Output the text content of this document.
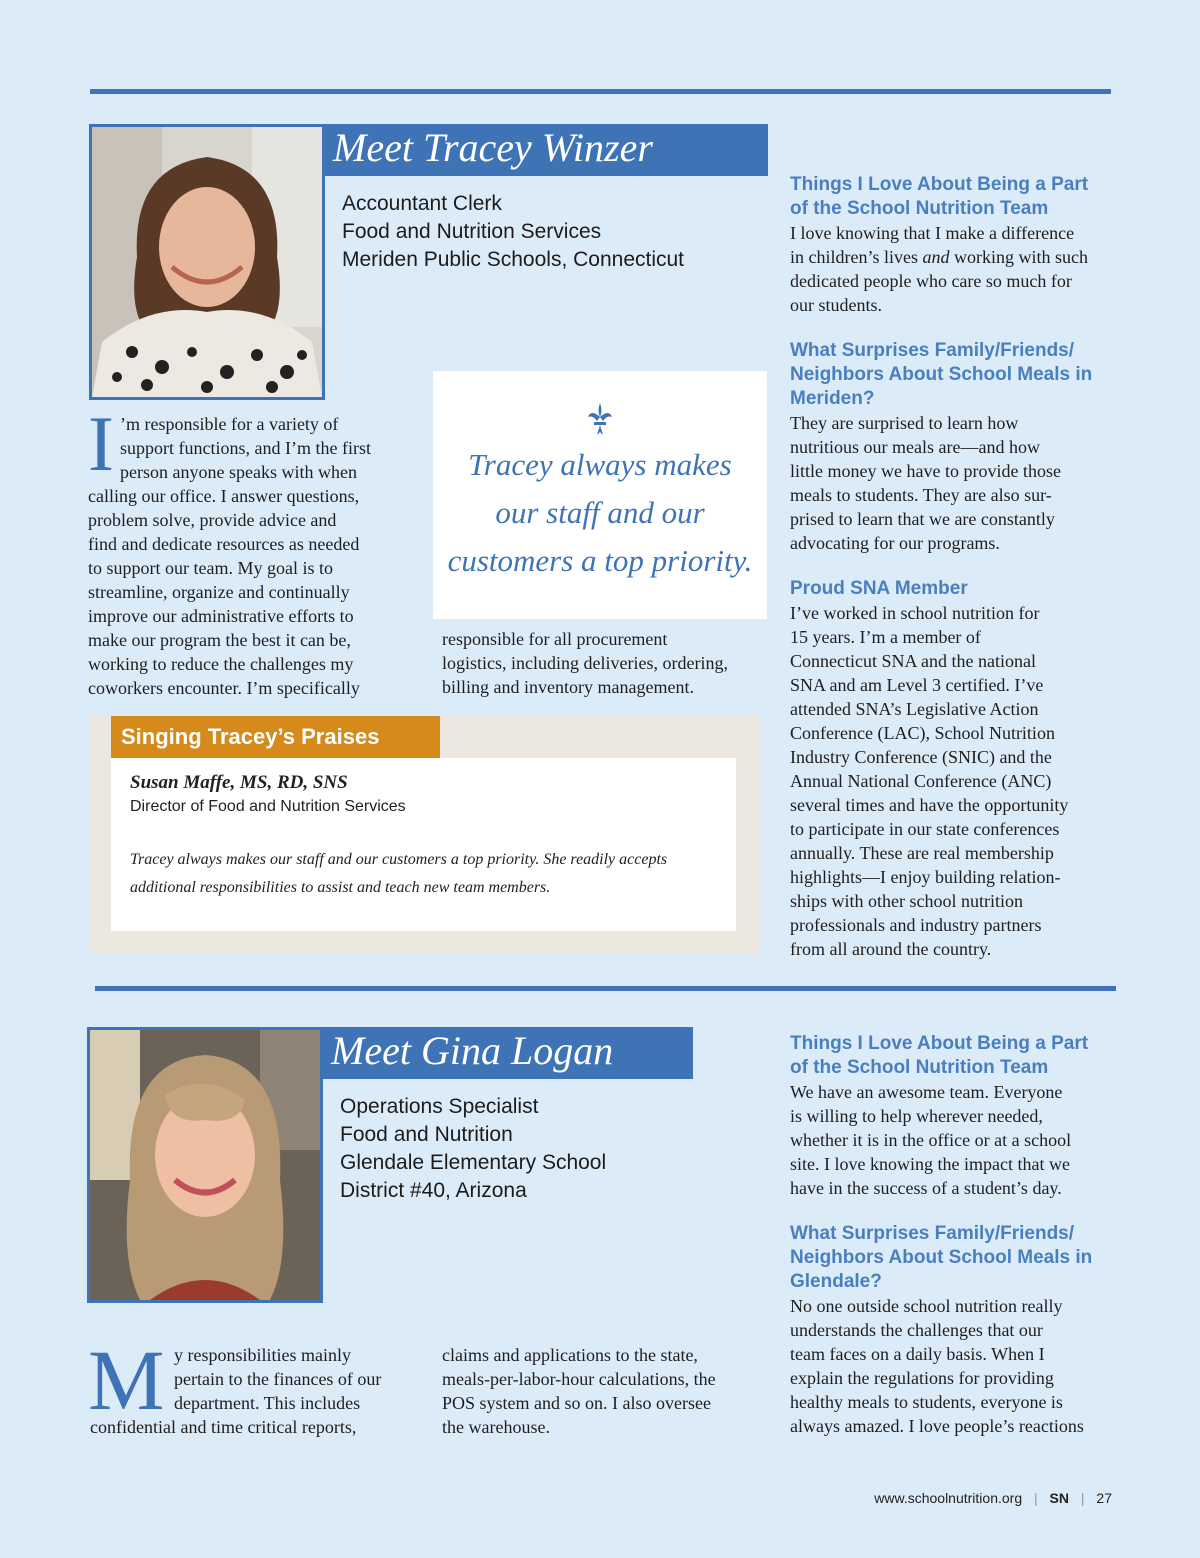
Meet Tracey Winzer
Accountant Clerk
Food and Nutrition Services
Meriden Public Schools, Connecticut
I ’m responsible for a variety of
support functions, and I’m the first
person anyone speaks with when
calling our office. I answer questions,
problem solve, provide advice and
find and dedicate resources as needed
to support our team. My goal is to
streamline, organize and continually
improve our administrative efforts to
make our program the best it can be,
working to reduce the challenges my
coworkers encounter. I’m specifically
Tracey always makes our staff and our customers a top priority.
responsible for all procurement
logistics, including deliveries, ordering,
billing and inventory management.
Singing Tracey’s Praises
Susan Maffe, MS, RD, SNS
Director of Food and Nutrition Services
Tracey always makes our staff and our customers a top priority. She readily accepts
additional responsibilities to assist and teach new team members.
Things I Love About Being a Part
of the School Nutrition Team
I love knowing that I make a difference
in children’s lives and working with such
dedicated people who care so much for
our students.
What Surprises Family/Friends/
Neighbors About School Meals in
Meriden?
They are surprised to learn how
nutritious our meals are—and how
little money we have to provide those
meals to students. They are also sur-
prised to learn that we are constantly
advocating for our programs.
Proud SNA Member
I’ve worked in school nutrition for
15 years. I’m a member of
Connecticut SNA and the national
SNA and am Level 3 certified. I’ve
attended SNA’s Legislative Action
Conference (LAC), School Nutrition
Industry Conference (SNIC) and the
Annual National Conference (ANC)
several times and have the opportunity
to participate in our state conferences
annually. These are real membership
highlights—I enjoy building relation-
ships with other school nutrition
professionals and industry partners
from all around the country.
Meet Gina Logan
Operations Specialist
Food and Nutrition
Glendale Elementary School
District #40, Arizona
M y responsibilities mainly
pertain to the finances of our
department. This includes
confidential and time critical reports,
claims and applications to the state,
meals-per-labor-hour calculations, the
POS system and so on. I also oversee
the warehouse.
Things I Love About Being a Part
of the School Nutrition Team
We have an awesome team. Everyone
is willing to help wherever needed,
whether it is in the office or at a school
site. I love knowing the impact that we
have in the success of a student’s day.
What Surprises Family/Friends/
Neighbors About School Meals in
Glendale?
No one outside school nutrition really
understands the challenges that our
team faces on a daily basis. When I
explain the regulations for providing
healthy meals to students, everyone is
always amazed. I love people’s reactions
www.schoolnutrition.org | SN | 27
